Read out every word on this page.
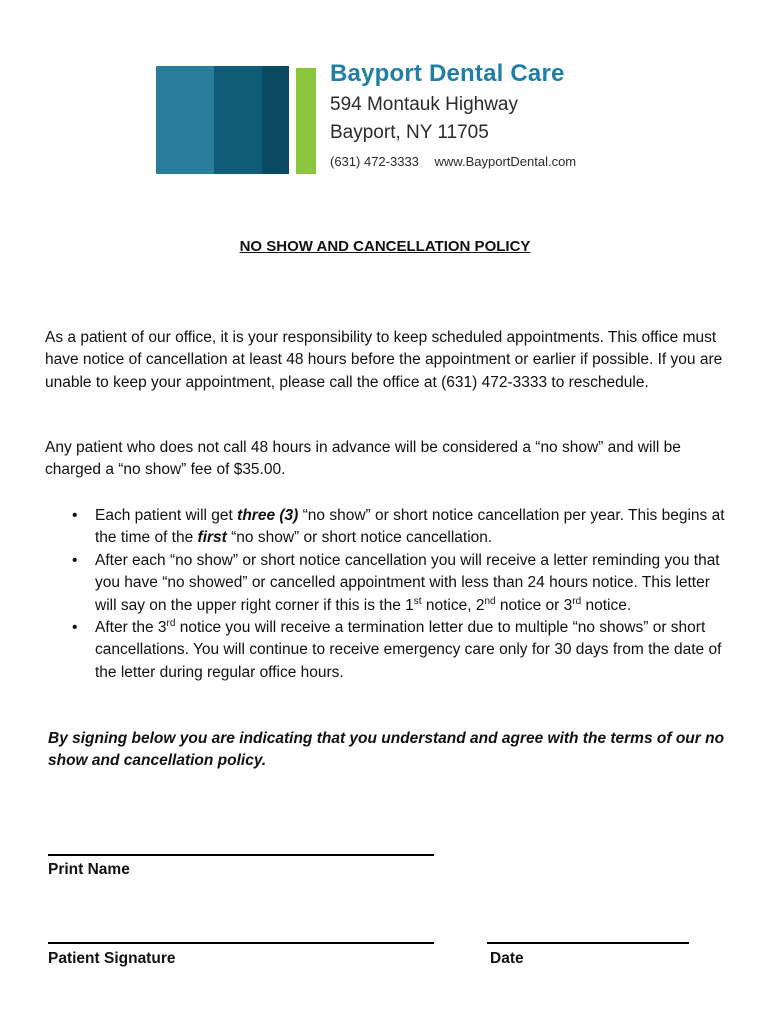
Bayport Dental Care
594 Montauk Highway
Bayport, NY 11705
(631) 472-3333 www.BayportDental.com
NO SHOW AND CANCELLATION POLICY

As a patient of our office, it is your responsibility to keep scheduled appointments. This office must have notice of cancellation at least 48 hours before the appointment or earlier if possible. If you are unable to keep your appointment, please call the office at (631) 472-3333 to reschedule.

Any patient who does not call 48 hours in advance will be considered a “no show” and will be charged a “no show” fee of $35.00.

• Each patient will get three (3) “no show” or short notice cancellation per year. This begins at the time of the first “no show” or short notice cancellation.
• After each “no show” or short notice cancellation you will receive a letter reminding you that you have “no showed” or cancelled appointment with less than 24 hours notice. This letter will say on the upper right corner if this is the 1st notice, 2nd notice or 3rd notice.
• After the 3rd notice you will receive a termination letter due to multiple “no shows” or short cancellations. You will continue to receive emergency care only for 30 days from the date of the letter during regular office hours.

By signing below you are indicating that you understand and agree with the terms of our no show and cancellation policy.

Print Name
Patient Signature	Date
